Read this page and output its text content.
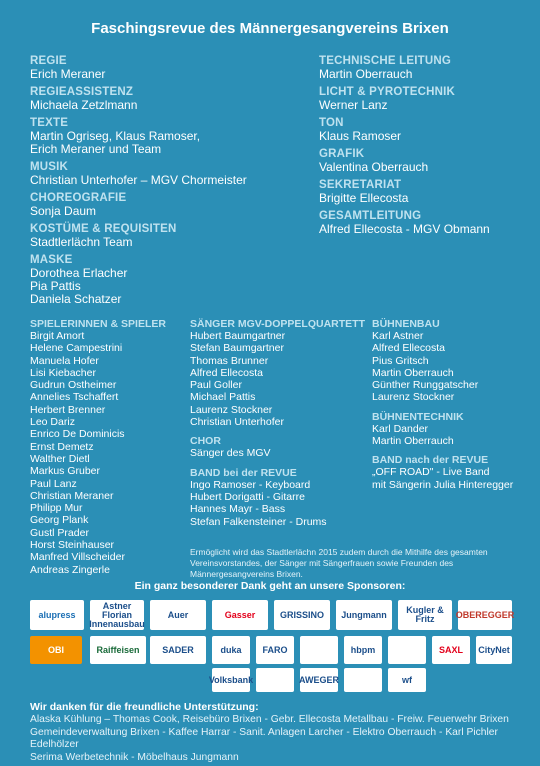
Faschingsrevue des Männergesangvereins Brixen
REGIE
Erich Meraner
REGIEASSISTENZ
Michaela Zetzlmann
TEXTE
Martin Ogriseg, Klaus Ramoser,
Erich Meraner und Team
MUSIK
Christian Unterhofer – MGV Chormeister
CHOREOGRAFIE
Sonja Daum
KOSTÜME & REQUISITEN
Stadtlerlächn Team
MASKE
Dorothea Erlacher
Pia Pattis
Daniela Schatzer
TECHNISCHE LEITUNG
Martin Oberrauch
LICHT & PYROTECHNIK
Werner Lanz
TON
Klaus Ramoser
GRAFIK
Valentina Oberrauch
SEKRETARIAT
Brigitte Ellecosta
GESAMTLEITUNG
Alfred Ellecosta - MGV Obmann
SPIELERINNEN & SPIELER
Birgit Amort
Helene Campestrini
Manuela Hofer
Lisi Kiebacher
Gudrun Ostheimer
Annelies Tschaffert
Herbert Brenner
Leo Dariz
Enrico De Dominicis
Ernst Demetz
Walther Dietl
Markus Gruber
Paul Lanz
Christian Meraner
Philipp Mur
Georg Plank
Gustl Prader
Horst Steinhauser
Manfred Villscheider
Andreas Zingerle
SÄNGER MGV-DOPPELQUARTETT
Hubert Baumgartner
Stefan Baumgartner
Thomas Brunner
Alfred Ellecosta
Paul Goller
Michael Pattis
Laurenz Stockner
Christian Unterhofer
CHOR
Sänger des MGV
BAND bei der REVUE
Ingo Ramoser - Keyboard
Hubert Dorigatti - Gitarre
Hannes Mayr - Bass
Stefan Falkensteiner - Drums
BÜHNENBAU
Karl Astner
Alfred Ellecosta
Pius Gritsch
Martin Oberrauch
Günther Runggatscher
Laurenz Stockner
BÜHNENTECHNIK
Karl Dander
Martin Oberrauch
BAND nach der REVUE
„OFF ROAD" - Live Band
mit Sängerin Julia Hinteregger
Ermöglicht wird das Stadtlerlächn 2015 zudem durch die Mithilfe des gesamten Vereinsvorstandes, der Sänger mit Sängerfrauen sowie Freunden des Männergesangvereins Brixen.
Ein ganz besonderer Dank geht an unsere Sponsoren:
alupress
Astner Florian Innenausbau
Auer	Gasser	GRISSINO	Jungmann	Kugler & Fritz	OBEREGGER
OBI	Raiffeisen	SADER	duka	FARO	hbpm	SAXL	CityNet
Volksbank	AWEGER	wf
Wir danken für die freundliche Unterstützung:
Alaska Kühlung – Thomas Cook, Reisebüro Brixen - Gebr. Ellecosta Metallbau - Freiw. Feuerwehr Brixen
Gemeindeverwaltung Brixen - Kaffee Harrar - Sanit. Anlagen Larcher - Elektro Oberrauch - Karl Pichler Edelhölzer
Serima Werbetechnik - Möbelhaus Jungmann
